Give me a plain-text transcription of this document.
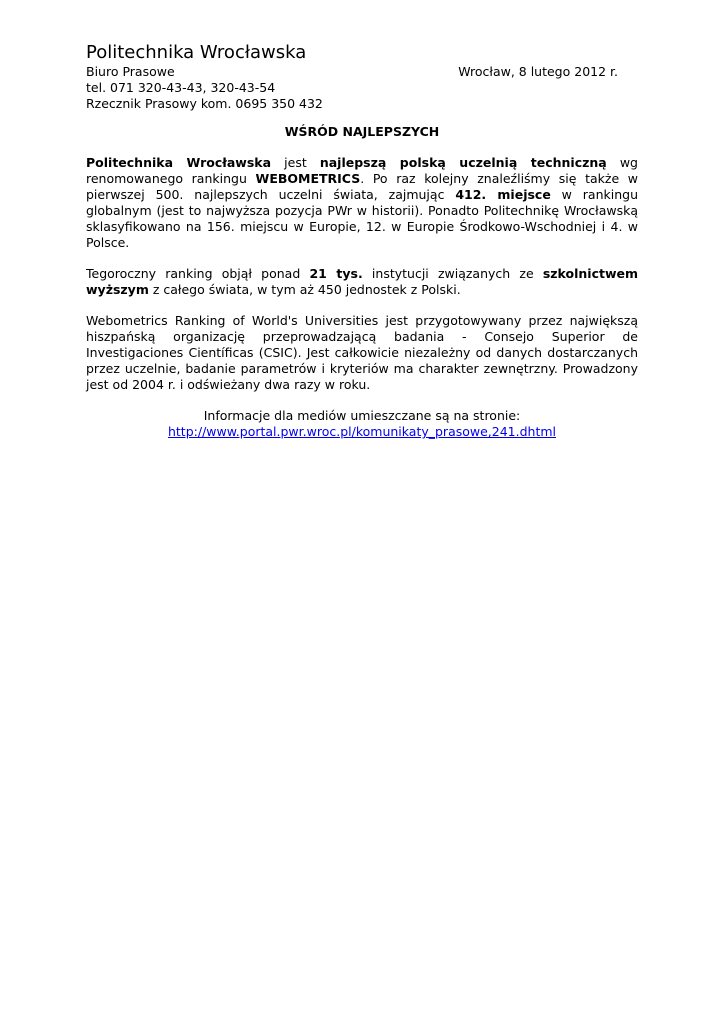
Politechnika Wrocławska
Biuro Prasowe	Wrocław, 8 lutego 2012 r.
tel. 071 320-43-43, 320-43-54
Rzecznik Prasowy kom. 0695 350 432
WŚRÓD NAJLEPSZYCH

Politechnika Wrocławska jest najlepszą polską uczelnią techniczną wg renomowanego rankingu WEBOMETRICS. Po raz kolejny znaleźliśmy się także w pierwszej 500. najlepszych uczelni świata, zajmując 412. miejsce w rankingu globalnym (jest to najwyższa pozycja PWr w historii). Ponadto Politechnikę Wrocławską sklasyfikowano na 156. miejscu w Europie, 12. w Europie Środkowo-Wschodniej i 4. w Polsce.

Tegoroczny ranking objął ponad 21 tys. instytucji związanych ze szkolnictwem wyższym z całego świata, w tym aż 450 jednostek z Polski.

Webometrics Ranking of World's Universities jest przygotowywany przez największą hiszpańską organizację przeprowadzającą badania - Consejo Superior de Investigaciones Científicas (CSIC). Jest całkowicie niezależny od danych dostarczanych przez uczelnie, badanie parametrów i kryteriów ma charakter zewnętrzny. Prowadzony jest od 2004 r. i odświeżany dwa razy w roku.

Informacje dla mediów umieszczane są na stronie:
http://www.portal.pwr.wroc.pl/komunikaty_prasowe,241.dhtml
